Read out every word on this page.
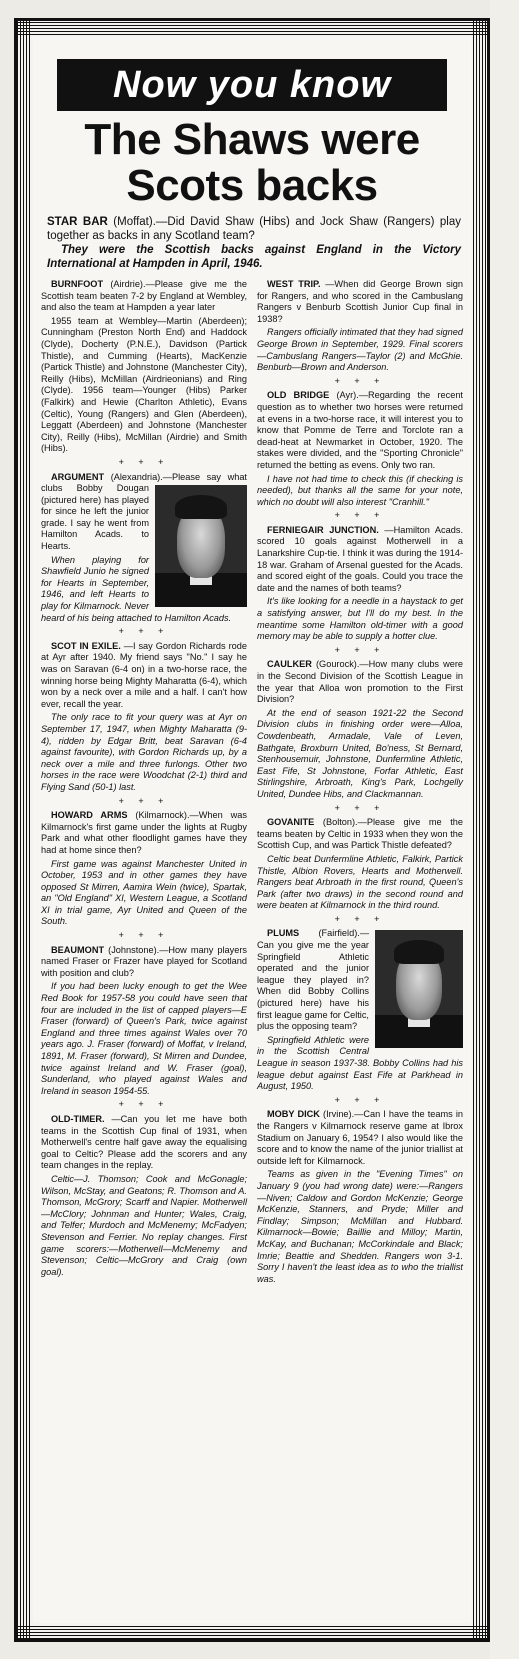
Now you know
The Shaws were
Scots backs
STAR BAR (Moffat).—Did David Shaw (Hibs) and Jock Shaw (Rangers) play together as backs in any Scotland team?
They were the Scottish backs against England in the Victory International at Hampden in April, 1946.

BURNFOOT (Airdrie).—Please give me the Scottish team beaten 7-2 by England at Wembley, and also the team at Hampden a year later

1955 team at Wembley—Martin (Aberdeen); Cunningham (Preston North End) and Haddock (Clyde), Docherty (P.N.E.), Davidson (Partick Thistle), and Cumming (Hearts), MacKenzie (Partick Thistle) and Johnstone (Manchester City), Reilly (Hibs), McMillan (Airdrieonians) and Ring (Clyde). 1956 team—Younger (Hibs) Parker (Falkirk) and Hewie (Charlton Athletic), Evans (Celtic), Young (Rangers) and Glen (Aberdeen), Leggatt (Aberdeen) and Johnstone (Manchester City), Reilly (Hibs), McMillan (Airdrie) and Smith (Hibs).

+ + +

ARGUMENT (Alexandria).
—Please say what clubs Bobby Dougan (pictured here) has played for since he left the junior grade. I say he went from Hamilton Acads. to Hearts.

When playing for Shawfield Junio he signed for Hearts in September, 1946, and left Hearts to play for Kilmarnock. Never heard of his being attached to Hamilton Acads.

+ + +

SCOT IN EXILE. —I say Gordon Richards rode at Ayr after 1940. My friend says "No." I say he was on Saravan (6-4 on) in a two-horse race, the winning horse being Mighty Maharatta (6-4), which won by a neck over a mile and a half. I can't how ever, recall the year.

The only race to fit your query was at Ayr on September 17, 1947, when Mighty Maharatta (9-4), ridden by Edgar Britt, beat Saravan (6-4 against favourite), with Gordon Richards up, by a neck over a mile and three furlongs. Other two horses in the race were Woodchat (2-1) third and Flying Sand (50-1) last.

+ + +

HOWARD ARMS (Kilmarnock).—When was Kilmarnock's first game under the lights at Rugby Park and what other floodlight games have they had at home since then?

First game was against Manchester United in October, 1953 and in other games they have opposed St Mirren, Aamira Wein (twice), Spartak, an "Old England" XI, Western League, a Scotland XI in trial game, Ayr United and Queen of the South.

+ + +

BEAUMONT (Johnstone).—How many players named Fraser or Frazer have played for Scotland with position and club?

If you had been lucky enough to get the Wee Red Book for 1957-58 you could have seen that four are included in the list of capped players—E Fraser (forward) of Queen's Park, twice against England and three times against Wales over 70 years ago. J. Fraser (forward) of Moffat, v Ireland, 1891, M. Fraser (forward), St Mirren and Dundee, twice against Ireland and W. Fraser (goal), Sunderland, who played against Wales and Ireland in season 1954-55.

+ + +

OLD-TIMER. —Can you let me have both teams in the Scottish Cup final of 1931, when Motherwell's centre half gave away the equalising goal to Celtic? Please add the scorers and any team changes in the replay.

Celtic—J. Thomson; Cook and McGonagle; Wilson, McStay, and Geatons; R. Thomson and A. Thomson, McGrory; Scarff and Napier. Motherwell—McClory; Johnman and Hunter; Wales, Craig, and Telfer; Murdoch and McMenemy; McFadyen; Stevenson and Ferrier. No replay changes. First game scorers:—Motherwell—McMenemy and Stevenson; Celtic—McGrory and Craig (own goal).

WEST TRIP. —When did George Brown sign for Rangers, and who scored in the Cambuslang Rangers v Benburb Scottish Junior Cup final in 1938?

Rangers officially intimated that they had signed George Brown in September, 1929. Final scorers—Cambuslang Rangers—Taylor (2) and McGhie. Benburb—Brown and Anderson.

+ + +

OLD BRIDGE (Ayr).—Regarding the recent question as to whether two horses were returned at evens in a two-horse race, it will interest you to know that Pomme de Terre and Torclote ran a dead-heat at Newmarket in October, 1920. The stakes were divided, and the "Sporting Chronicle" returned the betting as evens. Only two ran.

I have not had time to check this (if checking is needed), but thanks all the same for your note, which no doubt will also interest "Cranhill."

+ + +

FERNIEGAIR JUNCTION. —Hamilton Acads. scored 10 goals against Motherwell in a Lanarkshire Cup-tie. I think it was during the 1914-18 war. Graham of Arsenal guested for the Acads. and scored eight of the goals. Could you trace the date and the names of both teams?

It's like looking for a needle in a haystack to get a satisfying answer, but I'll do my best. In the meantime some Hamilton old-timer with a good memory may be able to supply a hotter clue.

+ + +

CAULKER (Gourock).—How many clubs were in the Second Division of the Scottish League in the year that Alloa won promotion to the First Division?

At the end of season 1921-22 the Second Division clubs in finishing order were—Alloa, Cowdenbeath, Armadale, Vale of Leven, Bathgate, Broxburn United, Bo'ness, St Bernard, Stenhousemuir, Johnstone, Dunfermline Athletic, East Fife, St Johnstone, Forfar Athletic, East Stirlingshire, Arbroath, King's Park, Lochgelly United, Dundee Hibs, and Clackmannan.

+ + +

GOVANITE (Bolton).—Please give me the teams beaten by Celtic in 1933 when they won the Scottish Cup, and was Partick Thistle defeated?

Celtic beat Dunfermline Athletic, Falkirk, Partick Thistle, Albion Rovers, Hearts and Motherwell. Rangers beat Arbroath in the first round, Queen's Park (after two draws) in the second round and were beaten at Kilmarnock in the third round.

+ + +

PLUMS (Fairfield).
—Can you give me the year Springfield Athletic operated and the junior league they played in? When did Bobby Collins (pictured here) have his first league game for Celtic, plus the opposing team?

Springfield Athletic were in the Scottish Central League in season 1937-38. Bobby Collins had his league debut against East Fife at Parkhead in August, 1950.

+ + +

MOBY DICK (Irvine).—Can I have the teams in the Rangers v Kilmarnock reserve game at Ibrox Stadium on January 6, 1954? I also would like the score and to know the name of the junior triallist at outside left for Kilmarnock.

Teams as given in the "Evening Times" on January 9 (you had wrong date) were:—Rangers—Niven; Caldow and Gordon McKenzie; George McKenzie, Stanners, and Pryde; Miller and Findlay; Simpson; McMillan and Hubbard. Kilmarnock—Bowie; Baillie and Milloy; Martin, McKay, and Buchanan; McCorkindale and Black; Imrie; Beattie and Shedden. Rangers won 3-1. Sorry I haven't the least idea as to who the triallist was.
